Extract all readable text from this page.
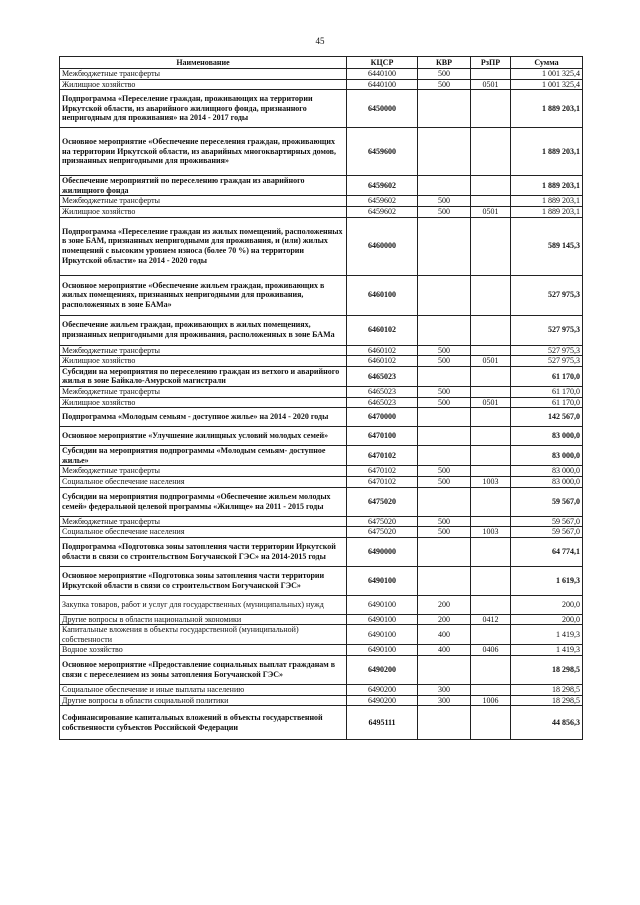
45
Наименование	КЦСР	КВР	РзПР	Сумма
Межбюджетные трансферты	6440100	500		1 001 325,4
Жилищное хозяйство	6440100	500	0501	1 001 325,4
Подпрограмма «Переселение граждан, проживающих на территории Иркутской области, из аварийного жилищного фонда, признанного непригодным для проживания» на 2014 - 2017 годы	6450000			1 889 203,1
Основное мероприятие «Обеспечение переселения граждан, проживающих на территории Иркутской области, из аварийных многоквартирных домов, признанных непригодными для проживания»	6459600			1 889 203,1
Обеспечение мероприятий по переселению граждан из аварийного жилищного фонда	6459602			1 889 203,1
Межбюджетные трансферты	6459602	500		1 889 203,1
Жилищное хозяйство	6459602	500	0501	1 889 203,1
Подпрограмма «Переселение граждан из жилых помещений, расположенных в зоне БАМ, признанных непригодными для проживания, и (или) жилых помещений с высоким уровнем износа (более 70 %) на территории Иркутской области» на 2014 - 2020 годы	6460000			589 145,3
Основное мероприятие «Обеспечение жильем граждан, проживающих в жилых помещениях, признанных непригодными для проживания, расположенных в зоне БАМа»	6460100			527 975,3
Обеспечение жильем граждан, проживающих в жилых помещениях, признанных непригодными для проживания, расположенных в зоне БАМа	6460102			527 975,3
Межбюджетные трансферты	6460102	500		527 975,3
Жилищное хозяйство	6460102	500	0501	527 975,3
Субсидии на мероприятия по переселению граждан из ветхого и аварийного жилья в зоне Байкало-Амурской магистрали	6465023			61 170,0
Межбюджетные трансферты	6465023	500		61 170,0
Жилищное хозяйство	6465023	500	0501	61 170,0
Подпрограмма «Молодым семьям - доступное жилье» на 2014 - 2020 годы	6470000			142 567,0
Основное мероприятие «Улучшение жилищных условий молодых семей»	6470100			83 000,0
Субсидии на мероприятия подпрограммы «Молодым семьям- доступное жилье»	6470102			83 000,0
Межбюджетные трансферты	6470102	500		83 000,0
Социальное обеспечение населения	6470102	500	1003	83 000,0
Субсидии на мероприятия подпрограммы «Обеспечение жильем молодых семей» федеральной целевой программы «Жилище» на 2011 - 2015 годы	6475020			59 567,0
Межбюджетные трансферты	6475020	500		59 567,0
Социальное обеспечение населения	6475020	500	1003	59 567,0
Подпрограмма «Подготовка зоны затопления части территории Иркутской области в связи со строительством Богучанской ГЭС» на 2014-2015 годы	6490000			64 774,1
Основное мероприятие «Подготовка зоны затопления части территории Иркутской области в связи со строительством Богучанской ГЭС»	6490100			1 619,3
Закупка товаров, работ и услуг для государственных (муниципальных) нужд	6490100	200		200,0
Другие вопросы в области национальной экономики	6490100	200	0412	200,0
Капитальные вложения в объекты государственной (муниципальной) собственности	6490100	400		1 419,3
Водное хозяйство	6490100	400	0406	1 419,3
Основное мероприятие «Предоставление социальных выплат гражданам в связи с переселением из зоны затопления Богучанской ГЭС»	6490200			18 298,5
Социальное обеспечение и иные выплаты населению	6490200	300		18 298,5
Другие вопросы в области социальной политики	6490200	300	1006	18 298,5
Софинансирование капитальных вложений в объекты государственной собственности субъектов Российской Федерации	6495111			44 856,3
